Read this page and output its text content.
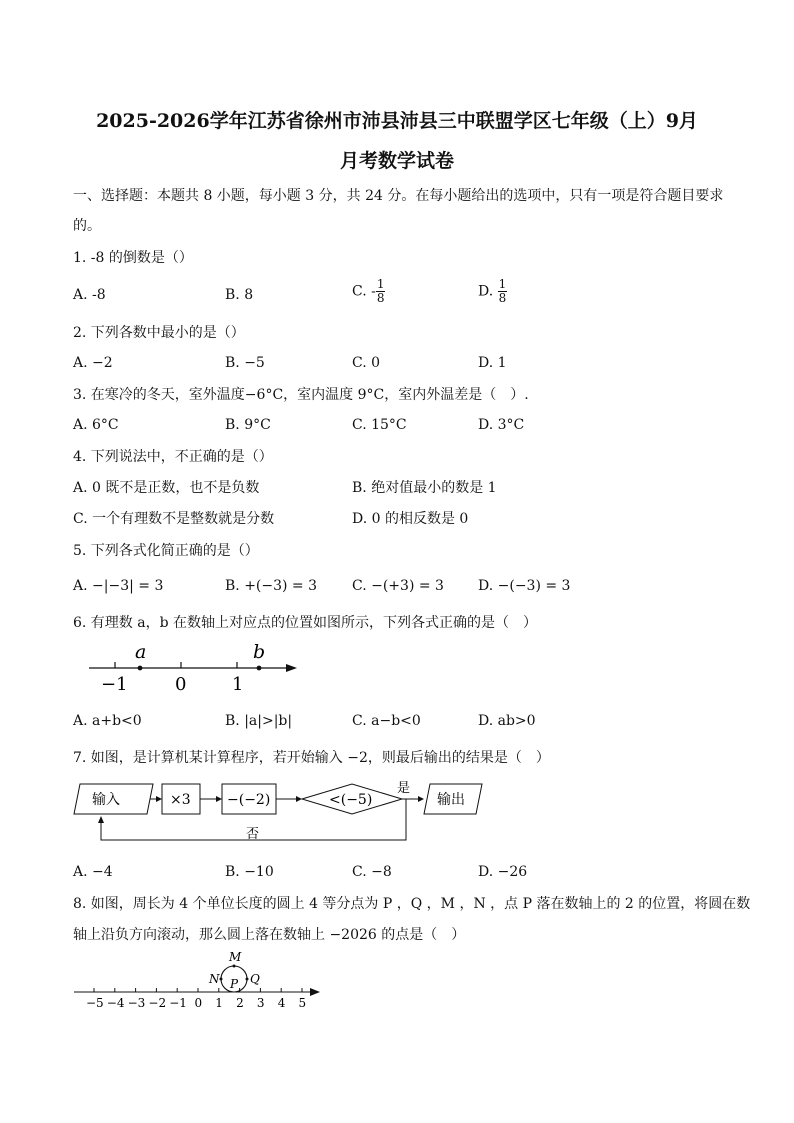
2025-2026学年江苏省徐州市沛县沛县三中联盟学区七年级（上）9月
月考数学试卷
一、选择题：本题共 8 小题，每小题 3 分，共 24 分。在每小题给出的选项中，只有一项是符合题目要求
的。
1. -8 的倒数是（）
A. -8	B. 8	C. - $\frac{1}{8}$	D. $\frac{1}{8}$
2. 下列各数中最小的是（）
A. −2	B. −5	C. 0	D. 1
3. 在寒冷的冬天，室外温度−6°C，室内温度 9°C，室内外温差是（　）.
A. 6°C	B. 9°C	C. 15°C	D. 3°C
4. 下列说法中，不正确的是（）
A. 0 既不是正数，也不是负数	B. 绝对值最小的数是 1
C. 一个有理数不是整数就是分数	D. 0 的相反数是 0
5. 下列各式化简正确的是（）
A. −|−3| = 3	B. +(−3) = 3 C. −(+3) = 3 D. −(−3) = 3
6. 有理数 a，b 在数轴上对应点的位置如图所示，下列各式正确的是（　）
a	b
−1	0	1
A. a+b<0	B. |a|>|b|	C. a−b<0	D. ab>0
7. 如图，是计算机某计算程序，若开始输入 −2，则最后输出的结果是（　）
输入	×3	−(−2)	<(−5)
是
输出
否
A. −4	B. −10	C. −8	D. −26
8. 如图，周长为 4 个单位长度的圆上 4 等分点为 P ，Q ，M ，N ，点 P 落在数轴上的 2 的位置，将圆在数
轴上沿负方向滚动，那么圆上落在数轴上 −2026 的点是（　）
M
N P Q
−5 −4 −3 −2 −1 0 1 2 3 4 5
